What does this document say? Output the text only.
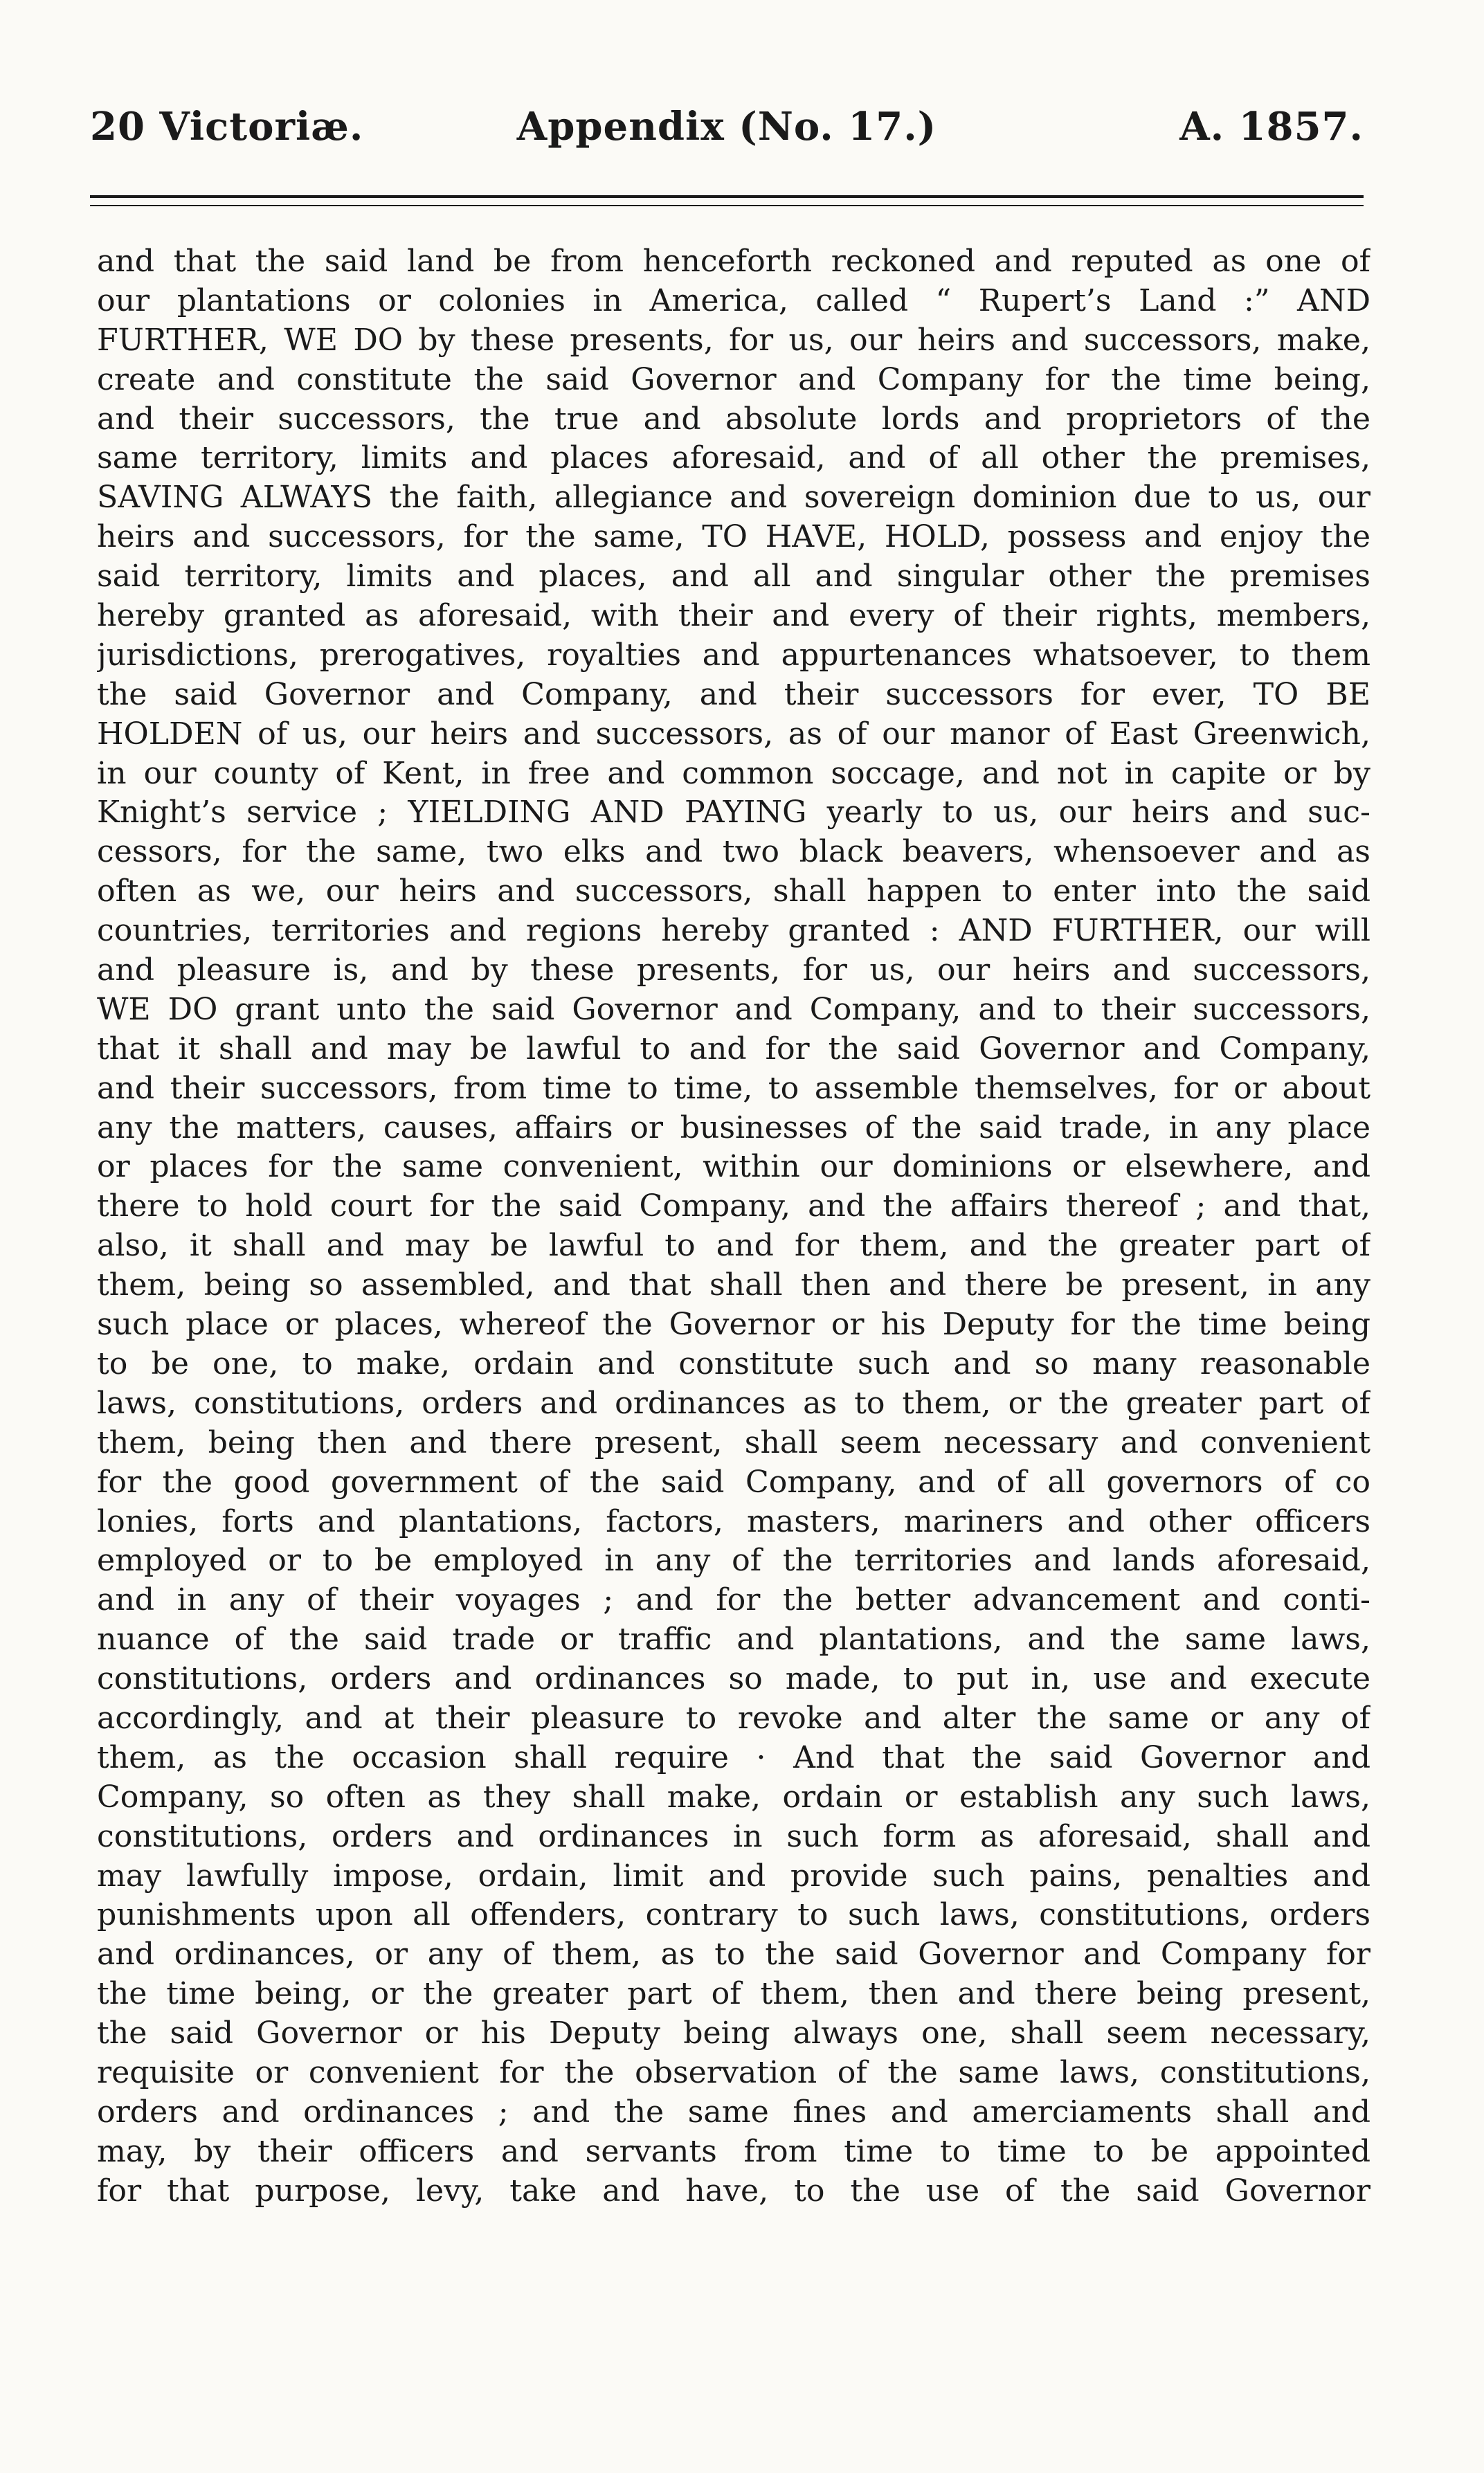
20 Victoriæ.	Appendix (No. 17.)	A. 1857.
and that the said land be from henceforth reckoned and reputed as one of
our plantations or colonies in America, called “ Rupert’s Land :” AND
FURTHER, WE DO by these presents, for us, our heirs and successors, make,
create and constitute the said Governor and Company for the time being,
and their successors, the true and absolute lords and proprietors of the
same territory, limits and places aforesaid, and of all other the premises,
SAVING ALWAYS the faith, allegiance and sovereign dominion due to us, our
heirs and successors, for the same, TO HAVE, HOLD, possess and enjoy the
said territory, limits and places, and all and singular other the premises
hereby granted as aforesaid, with their and every of their rights, members,
jurisdictions, prerogatives, royalties and appurtenances whatsoever, to them
the said Governor and Company, and their successors for ever, TO BE
HOLDEN of us, our heirs and successors, as of our manor of East Greenwich,
in our county of Kent, in free and common soccage, and not in capite or by
Knight’s service ; YIELDING AND PAYING yearly to us, our heirs and suc-
cessors, for the same, two elks and two black beavers, whensoever and as
often as we, our heirs and successors, shall happen to enter into the said
countries, territories and regions hereby granted : AND FURTHER, our will
and pleasure is, and by these presents, for us, our heirs and successors,
WE DO grant unto the said Governor and Company, and to their successors,
that it shall and may be lawful to and for the said Governor and Company,
and their successors, from time to time, to assemble themselves, for or about
any the matters, causes, affairs or businesses of the said trade, in any place
or places for the same convenient, within our dominions or elsewhere, and
there to hold court for the said Company, and the affairs thereof ; and that,
also, it shall and may be lawful to and for them, and the greater part of
them, being so assembled, and that shall then and there be present, in any
such place or places, whereof the Governor or his Deputy for the time being
to be one, to make, ordain and constitute such and so many reasonable
laws, constitutions, orders and ordinances as to them, or the greater part of
them, being then and there present, shall seem necessary and convenient
for the good government of the said Company, and of all governors of co
lonies, forts and plantations, factors, masters, mariners and other officers
employed or to be employed in any of the territories and lands aforesaid,
and in any of their voyages ; and for the better advancement and conti-
nuance of the said trade or traffic and plantations, and the same laws,
constitutions, orders and ordinances so made, to put in, use and execute
accordingly, and at their pleasure to revoke and alter the same or any of
them, as the occasion shall require · And that the said Governor and
Company, so often as they shall make, ordain or establish any such laws,
constitutions, orders and ordinances in such form as aforesaid, shall and
may lawfully impose, ordain, limit and provide such pains, penalties and
punishments upon all offenders, contrary to such laws, constitutions, orders
and ordinances, or any of them, as to the said Governor and Company for
the time being, or the greater part of them, then and there being present,
the said Governor or his Deputy being always one, shall seem necessary,
requisite or convenient for the observation of the same laws, constitutions,
orders and ordinances ; and the same fines and amerciaments shall and
may, by their officers and servants from time to time to be appointed
for that purpose, levy, take and have, to the use of the said Governor
